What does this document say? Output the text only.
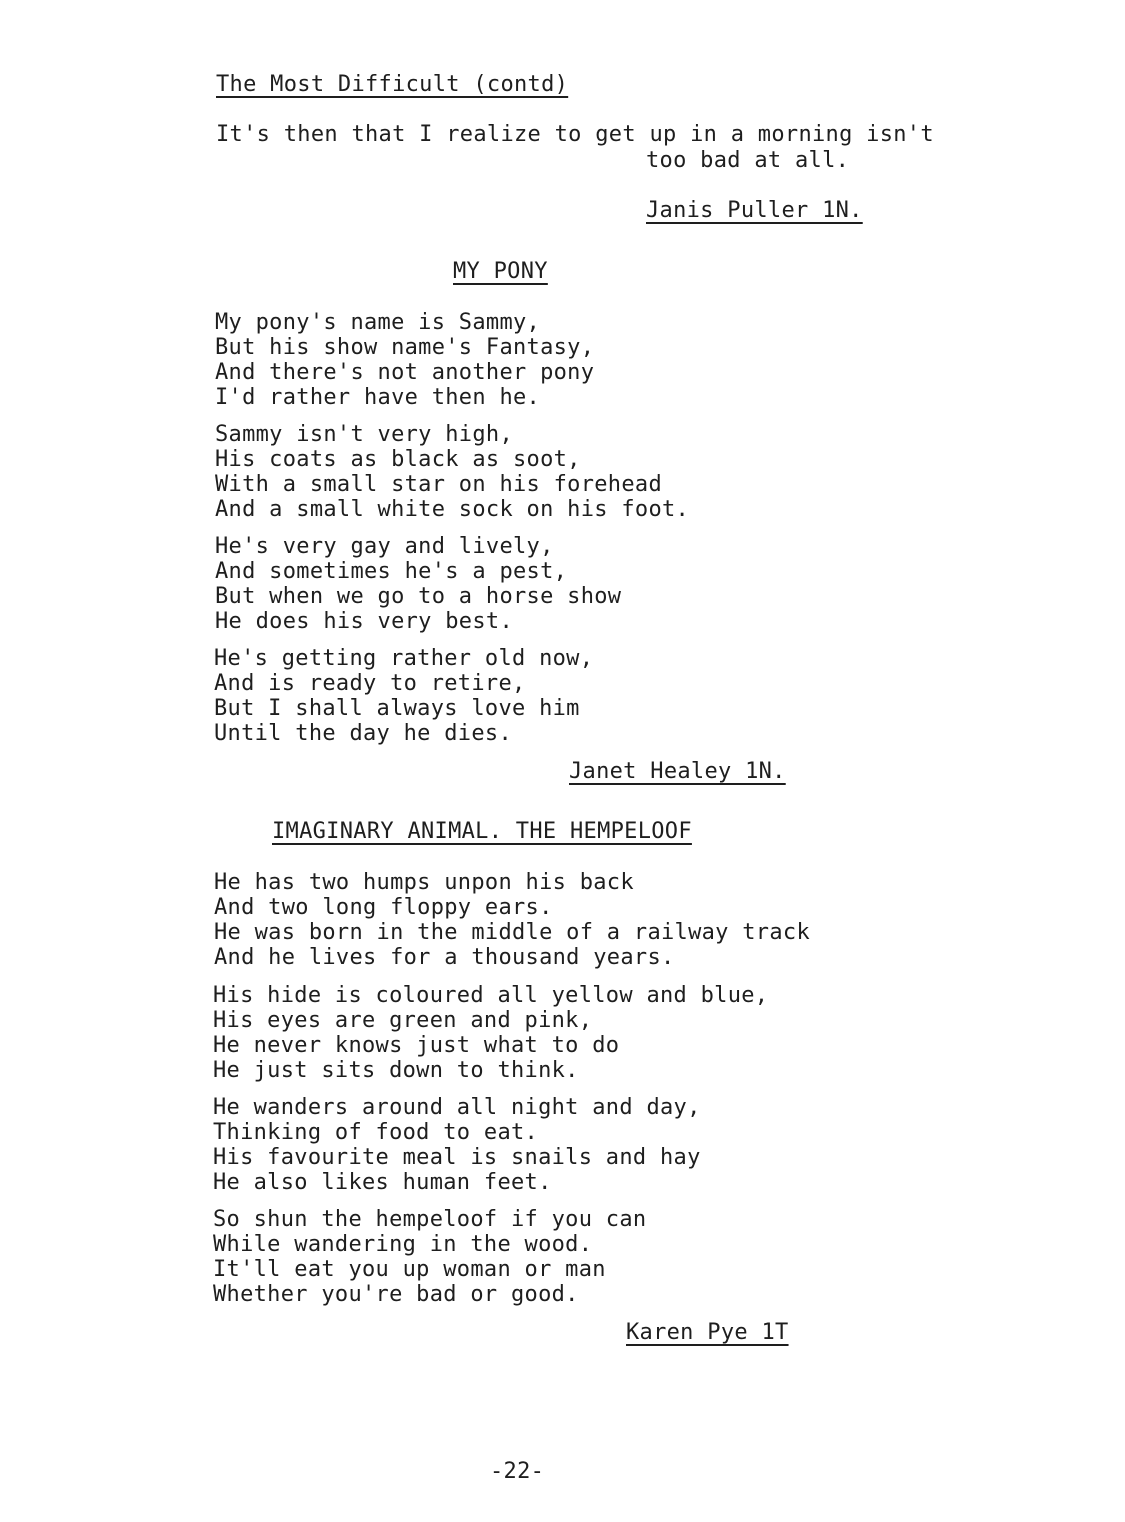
The Most Difficult (contd)
It's then that I realize to get up in a morning isn't
too bad at all.
Janis Puller 1N.
MY PONY
My pony's name is Sammy,
But his show name's Fantasy,
And there's not another pony
I'd rather have then he.
Sammy isn't very high,
His coats as black as soot,
With a small star on his forehead
And a small white sock on his foot.
He's very gay and lively,
And sometimes he's a pest,
But when we go to a horse show
He does his very best.
He's getting rather old now,
And is ready to retire,
But I shall always love him
Until the day he dies.
Janet Healey 1N.
IMAGINARY ANIMAL. THE HEMPELOOF
He has two humps unpon his back
And two long floppy ears.
He was born in the middle of a railway track
And he lives for a thousand years.
His hide is coloured all yellow and blue,
His eyes are green and pink,
He never knows just what to do
He just sits down to think.
He wanders around all night and day,
Thinking of food to eat.
His favourite meal is snails and hay
He also likes human feet.
So shun the hempeloof if you can
While wandering in the wood.
It'll eat you up woman or man
Whether you're bad or good.
Karen Pye 1T
-22-
